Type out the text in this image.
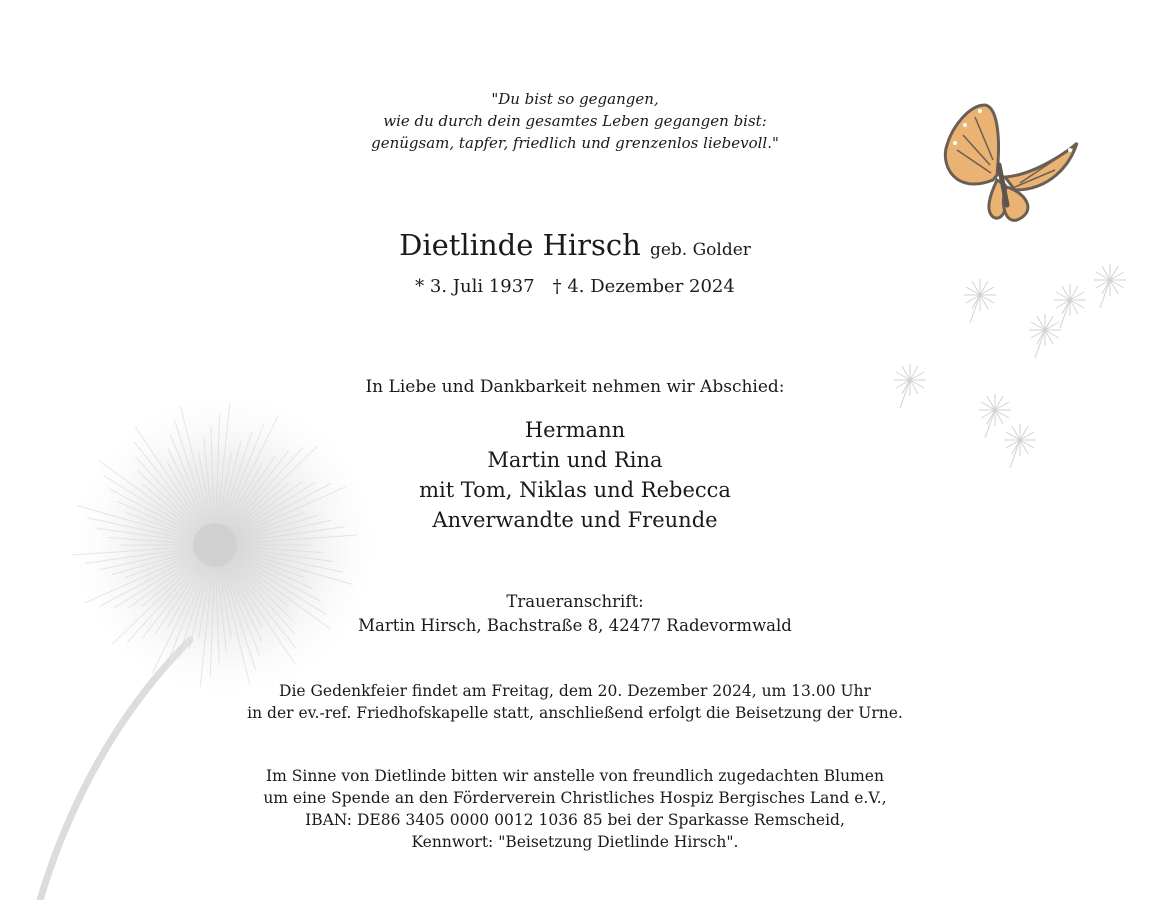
"Du bist so gegangen,
wie du durch dein gesamtes Leben gegangen bist:
genügsam, tapfer, friedlich und grenzenlos liebevoll."
Dietlinde Hirsch geb. Golder
* 3. Juli 1937 † 4. Dezember 2024
In Liebe und Dankbarkeit nehmen wir Abschied:
Hermann
Martin und Rina
mit Tom, Niklas und Rebecca
Anverwandte und Freunde
Traueranschrift:
Martin Hirsch, Bachstraße 8, 42477 Radevormwald
Die Gedenkfeier findet am Freitag, dem 20. Dezember 2024, um 13.00 Uhr
in der ev.-ref. Friedhofskapelle statt, anschließend erfolgt die Beisetzung der Urne.
Im Sinne von Dietlinde bitten wir anstelle von freundlich zugedachten Blumen
um eine Spende an den Förderverein Christliches Hospiz Bergisches Land e.V.,
IBAN: DE86 3405 0000 0012 1036 85 bei der Sparkasse Remscheid,
Kennwort: "Beisetzung Dietlinde Hirsch".
